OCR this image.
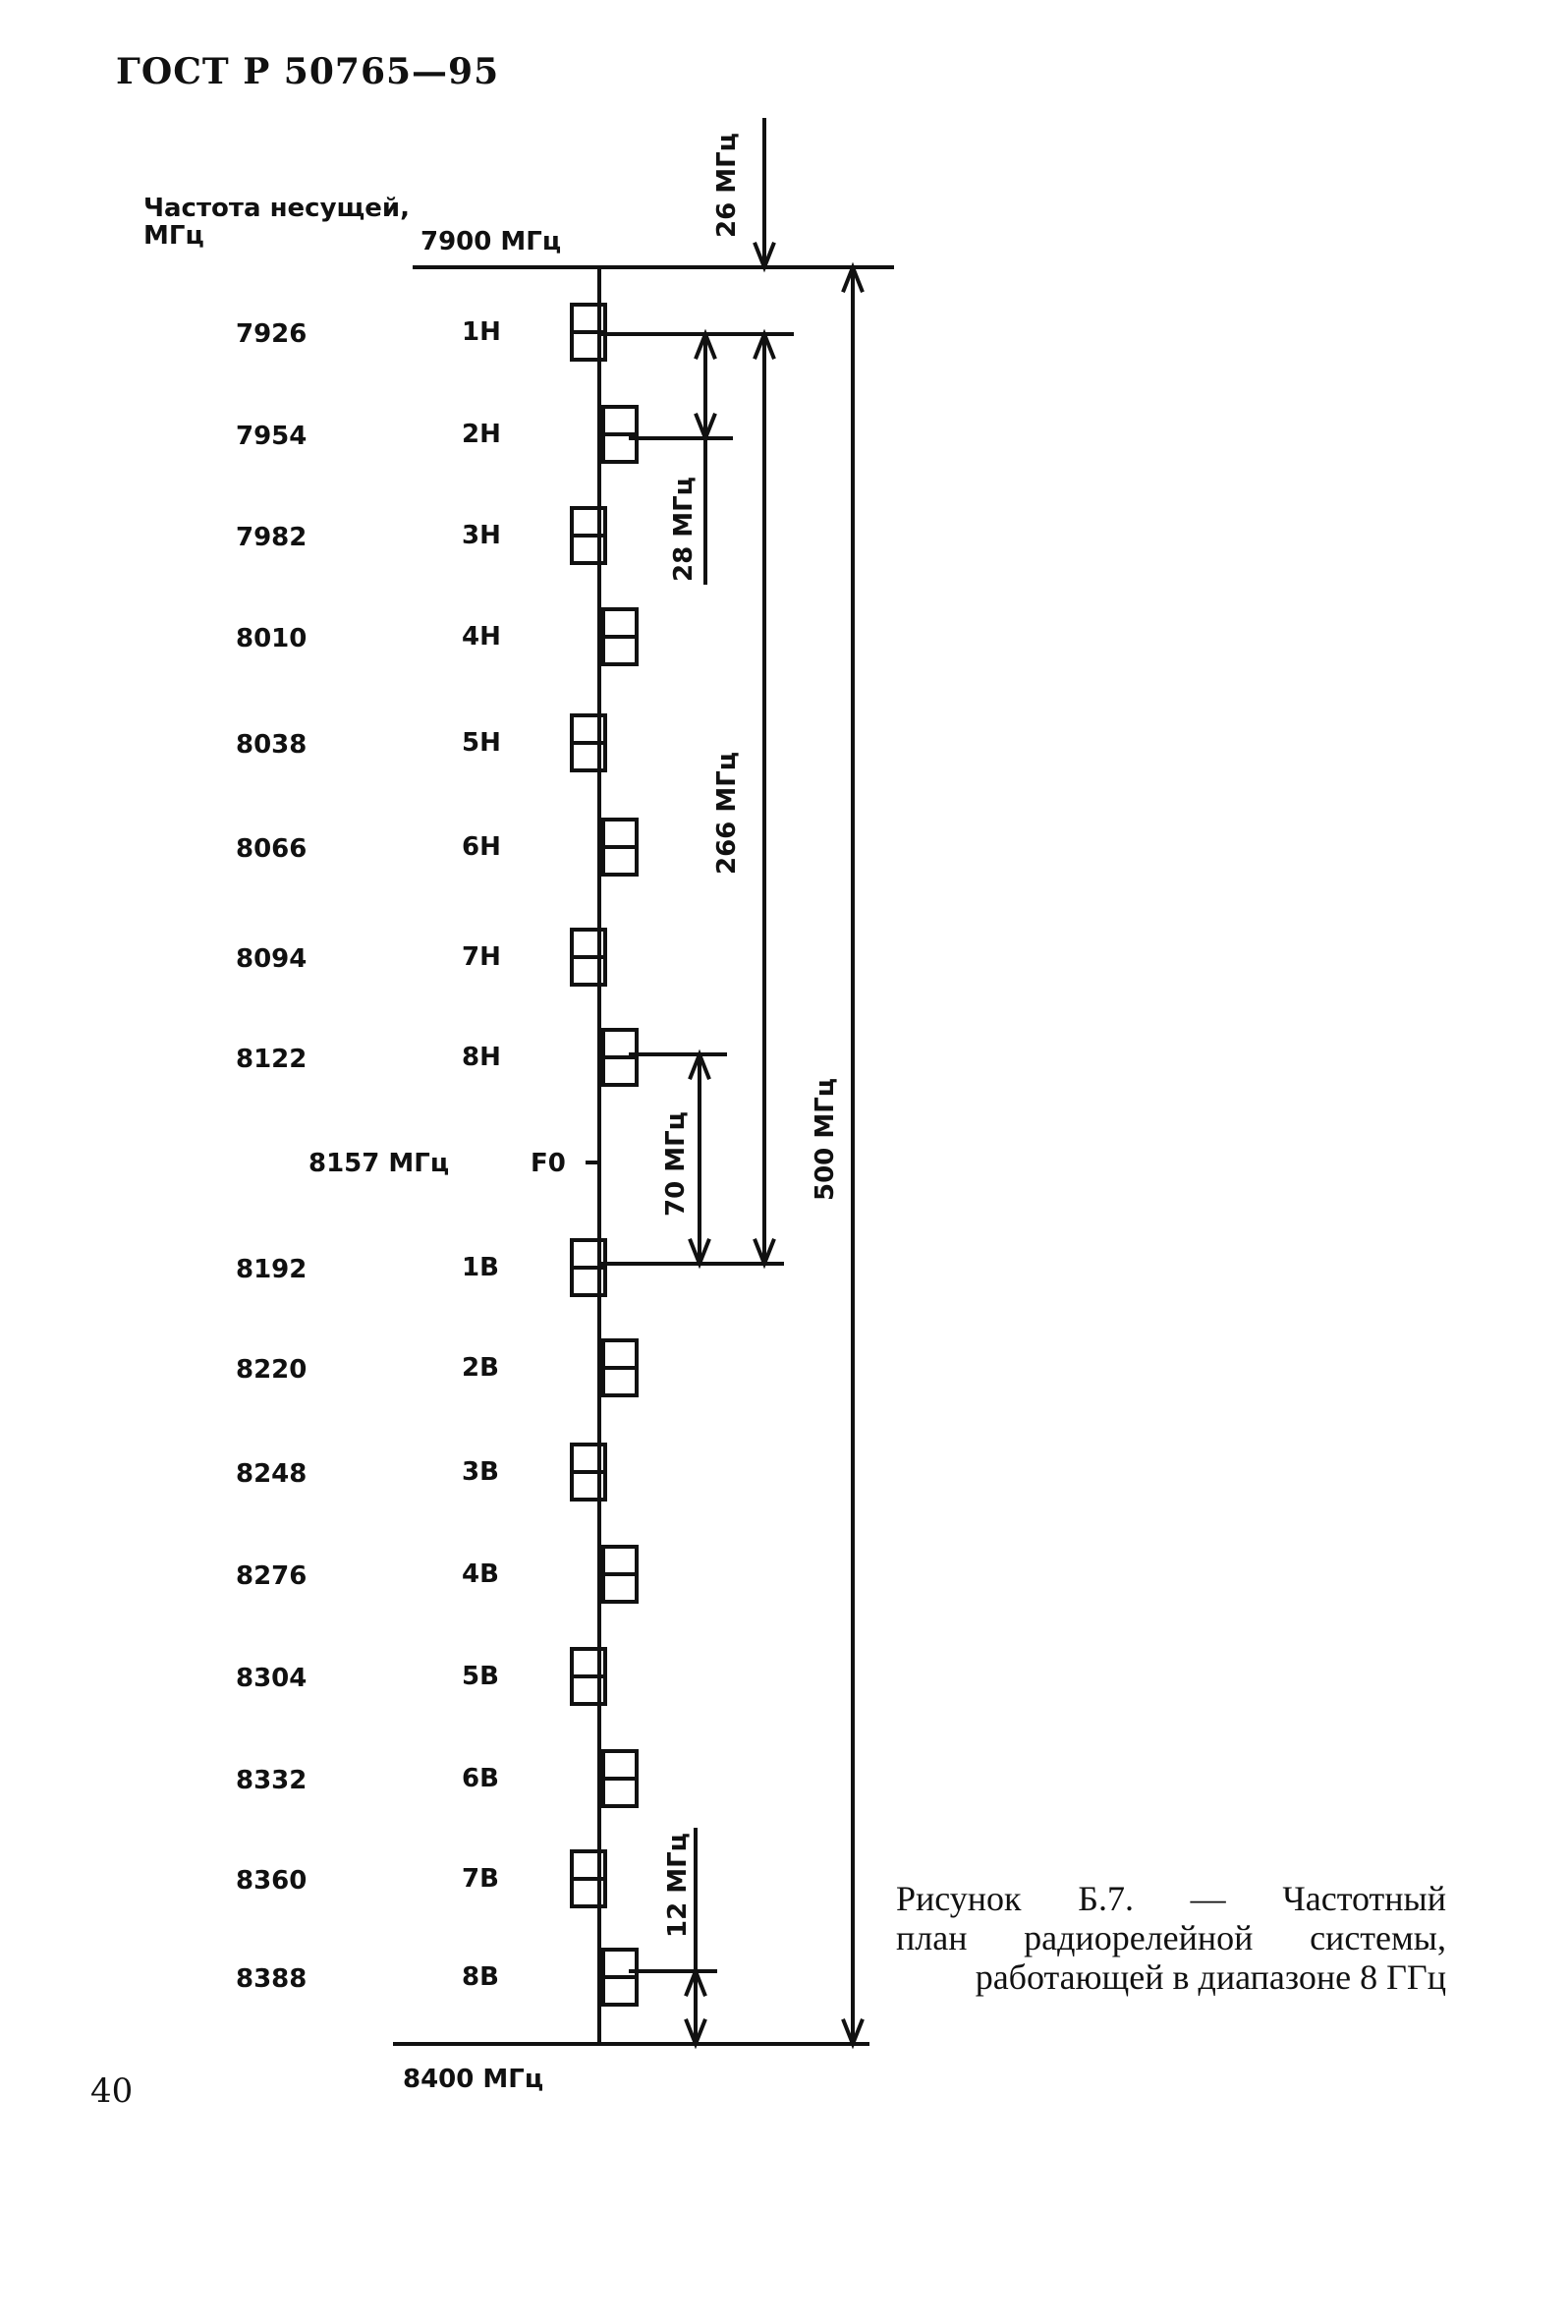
ГОСТ Р 50765—95
7926	1Н
7954	2Н
7982	3Н
8010	4Н
8038	5Н
8066	6Н
8094	7Н
8122	8Н
8192	1В
8220	2В
8248	3В
8276	4В
8304	5В
8332	6В
8360	7В
8388	8В
Частота несущей,
МГц	7900 МГц
8400 МГц
8157 МГц	F0
26 МГц
28 МГц
266 МГц
70 МГц	500 МГц
12 МГц	Рисунок Б.7. — Частотный
план радиорелейной системы,
работающей в диапазоне 8 ГГц
40
